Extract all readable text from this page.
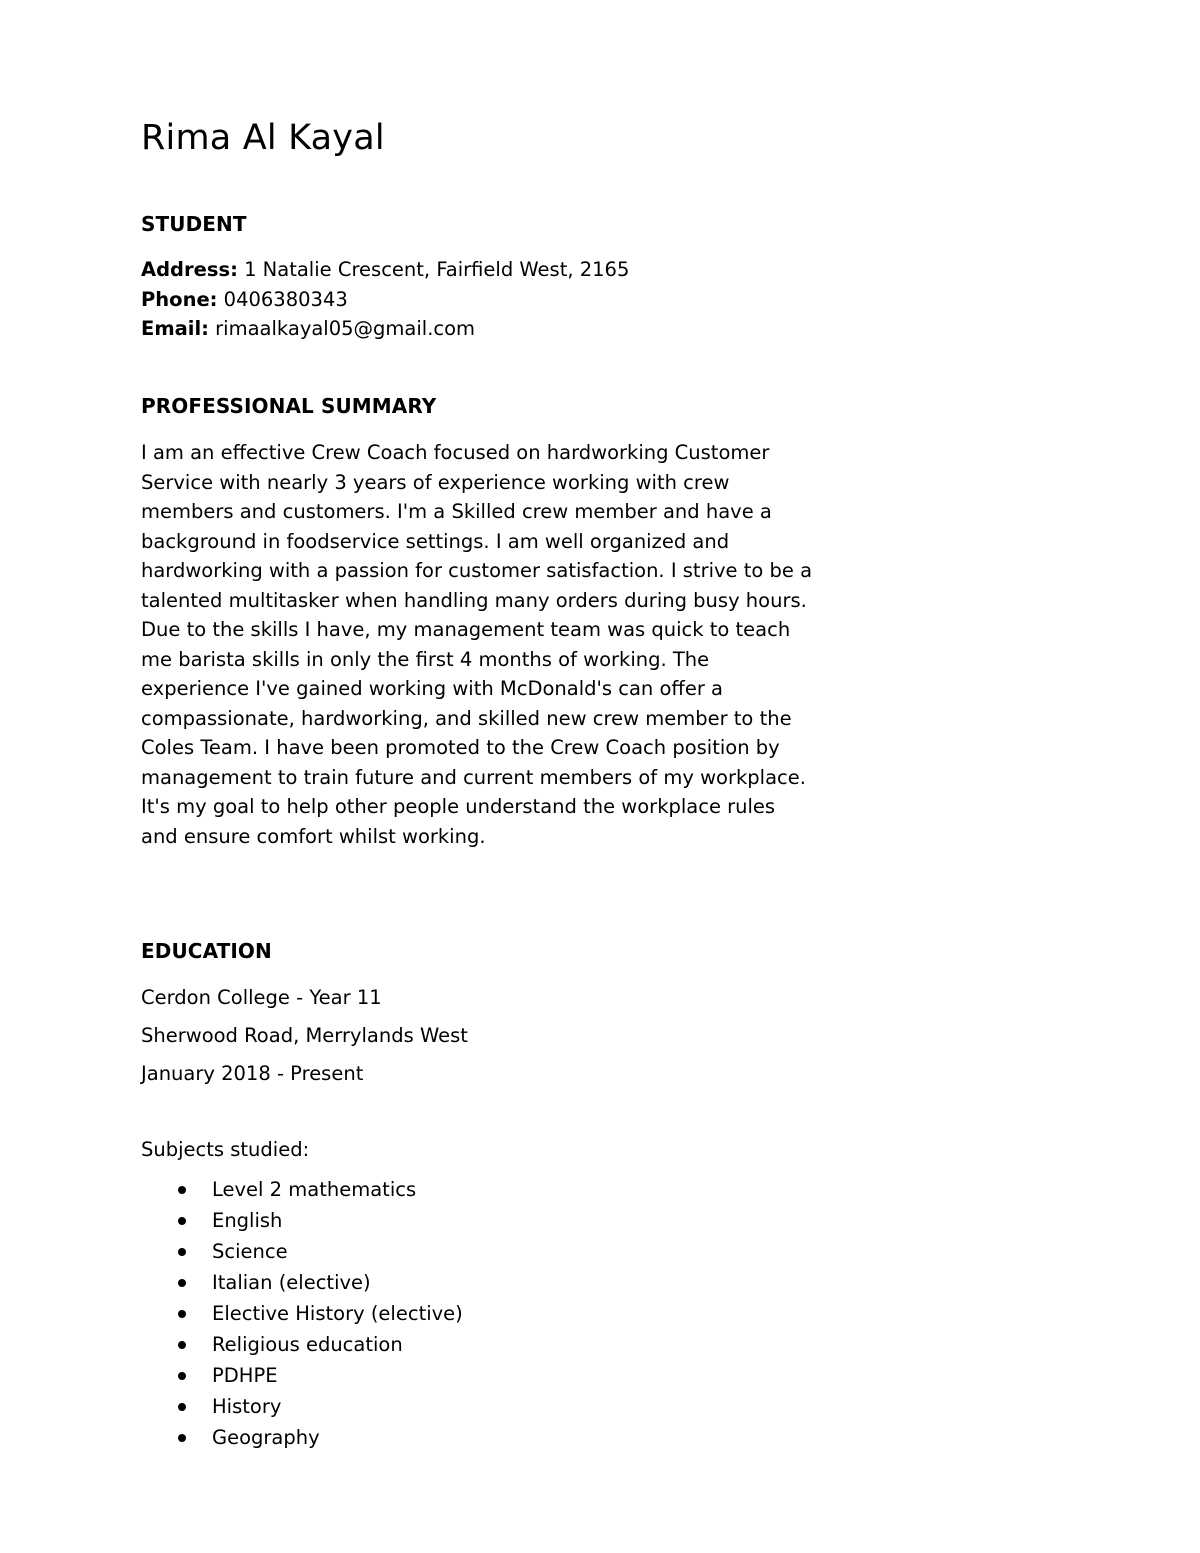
Rima Al Kayal
STUDENT
Address: 1 Natalie Crescent, Fairfield West, 2165
Phone: 0406380343
Email: rimaalkayal05@gmail.com
PROFESSIONAL SUMMARY
I am an effective Crew Coach focused on hardworking Customer
Service with nearly 3 years of experience working with crew
members and customers. I'm a Skilled crew member and have a
background in foodservice settings. I am well organized and
hardworking with a passion for customer satisfaction. I strive to be a
talented multitasker when handling many orders during busy hours.
Due to the skills I have, my management team was quick to teach
me barista skills in only the first 4 months of working. The
experience I've gained working with McDonald's can offer a
compassionate, hardworking, and skilled new crew member to the
Coles Team. I have been promoted to the Crew Coach position by
management to train future and current members of my workplace.
It's my goal to help other people understand the workplace rules
and ensure comfort whilst working.
EDUCATION
Cerdon College - Year 11
Sherwood Road, Merrylands West
January 2018 - Present
Subjects studied:
Level 2 mathematics
English
Science
Italian (elective)
Elective History (elective)
Religious education
PDHPE
History
Geography
